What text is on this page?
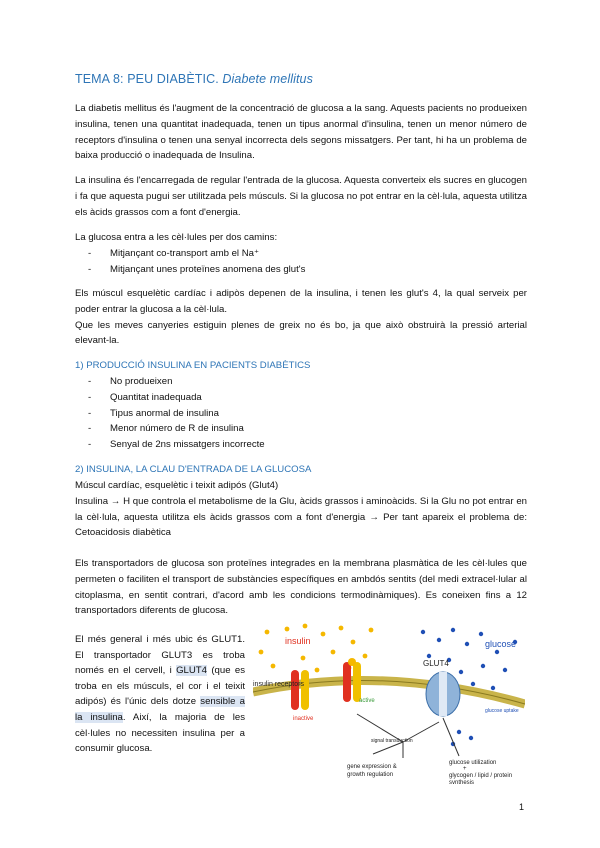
TEMA 8: PEU DIABÈTIC. Diabete mellitus

La diabetis mellitus és l'augment de la concentració de glucosa a la sang. Aquests pacients no produeixen insulina, tenen una quantitat inadequada, tenen un tipus anormal d'insulina, tenen un menor número de receptors d'insulina o tenen una senyal incorrecta dels segons missatgers. Per tant, hi ha un problema de baixa producció o inadequada de Insulina.

La insulina és l'encarregada de regular l'entrada de la glucosa. Aquesta converteix els sucres en glucogen i fa que aquesta pugui ser utilitzada pels músculs. Si la glucosa no pot entrar en la cèl·lula, aquesta utilitza els àcids grassos com a font d'energia.

La glucosa entra a les cèl·lules per dos camins:

- Mitjançant co-transport amb el Na⁺
- Mitjançant unes proteïnes anomena des glut's

Els múscul esquelètic cardíac i adipòs depenen de la insulina, i tenen les glut's 4, la qual serveix per poder entrar la glucosa a la cèl·lula.

Que les meves canyeries estiguin plenes de greix no és bo, ja que això obstruirà la pressió arterial elevant-la.

1) PRODUCCIÓ INSULINA EN PACIENTS DIABÈTICS
- No produeixen
- Quantitat inadequada
- Tipus anormal de insulina
- Menor número de R de insulina
- Senyal de 2ns missatgers incorrecte
2) INSULINA, LA CLAU D'ENTRADA DE LA GLUCOSA

Múscul cardíac, esquelètic i teixit adipós (Glut4)

Insulina → H que controla el metabolisme de la Glu, àcids grassos i aminoàcids. Si la Glu no pot entrar en la cèl·lula, aquesta utilitza els àcids grassos com a font d'energia → Per tant apareix el problema de: Cetoacidosis diabètica

Els transportadors de glucosa son proteïnes integrades en la membrana plasmàtica de les cèl·lules que permeten o faciliten el transport de substàncies específiques en ambdós sentits (del medi extracel·lular al citoplasma, en sentit contrari, d'acord amb les condicions termodinàmiques). Es coneixen fins a 12 transportadors diferents de glucosa.

El més general i més ubic és GLUT1. El transportador GLUT3 es troba només en el cervell, i GLUT4 (que es troba en els músculs, el cor i el teixit adipós) és l'únic dels dotze sensible a la insulina. Així, la majoria de les cèl·lules no necessiten insulina per a consumir glucosa.
insulin	glucose
GLUT4
insulin receptors
active
inactive
signal transduction
glucose uptake
gene expression &
growth regulation
glucose utilization
+
glycogen / lipid / protein
synthesis
1
